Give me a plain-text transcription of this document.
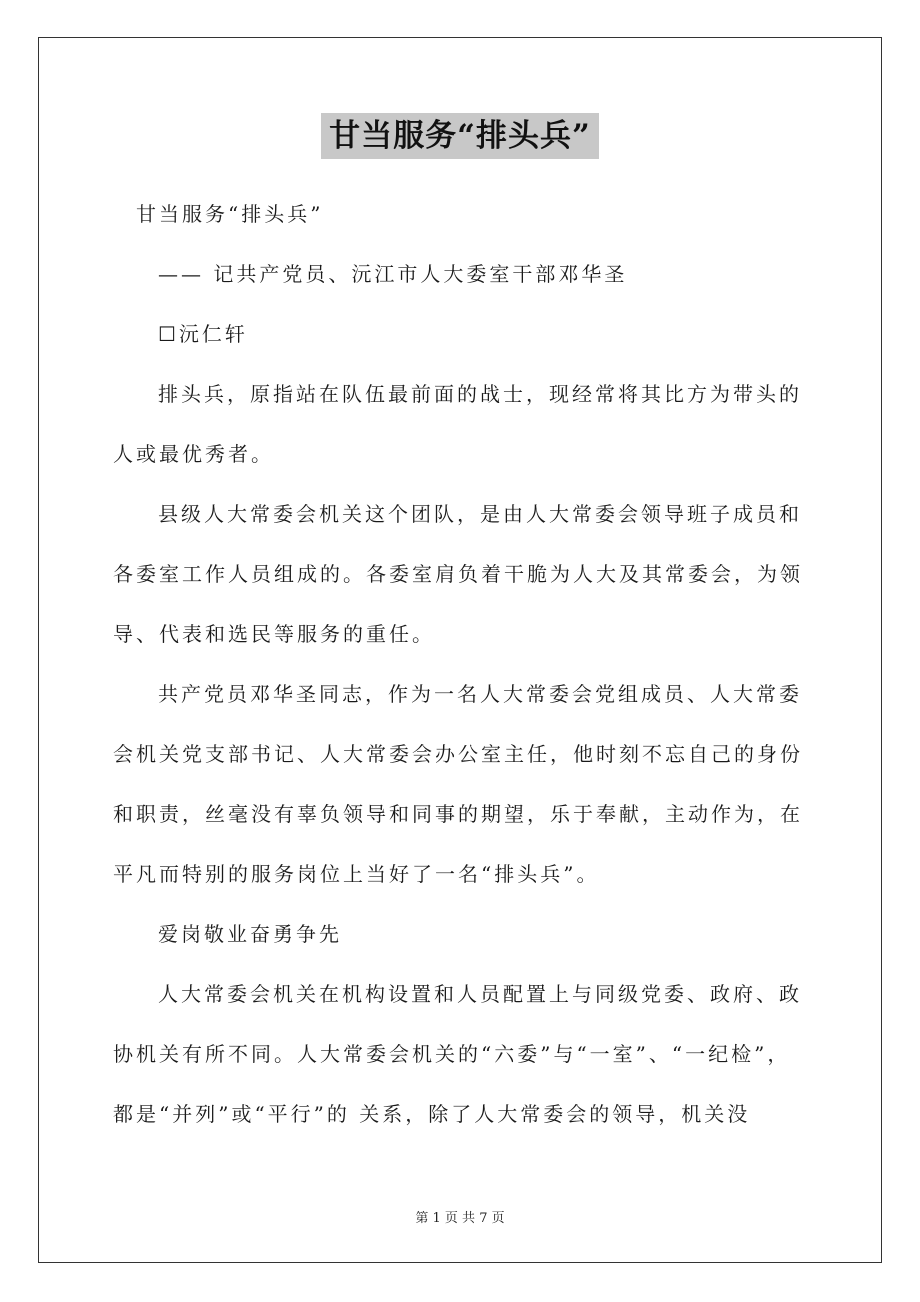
甘当服务“排头兵”
甘当服务“排头兵”
—— 记共产党员、沅江市人大委室干部邓华圣
☐沅仁轩
排头兵，原指站在队伍最前面的战士，现经常将其比方为带头的
人或最优秀者。
县级人大常委会机关这个团队，是由人大常委会领导班子成员和
各委室工作人员组成的。各委室肩负着干脆为人大及其常委会，为领
导、代表和选民等服务的重任。
共产党员邓华圣同志，作为一名人大常委会党组成员、人大常委
会机关党支部书记、人大常委会办公室主任，他时刻不忘自己的身份
和职责，丝毫没有辜负领导和同事的期望，乐于奉献，主动作为，在
平凡而特别的服务岗位上当好了一名“排头兵”。
爱岗敬业奋勇争先
人大常委会机关在机构设置和人员配置上与同级党委、政府、政
协机关有所不同。人大常委会机关的“六委”与“一室”、“一纪检”，
都是“并列”或“平行”的 关系，除了人大常委会的领导，机关没
第 1 页 共 7 页
